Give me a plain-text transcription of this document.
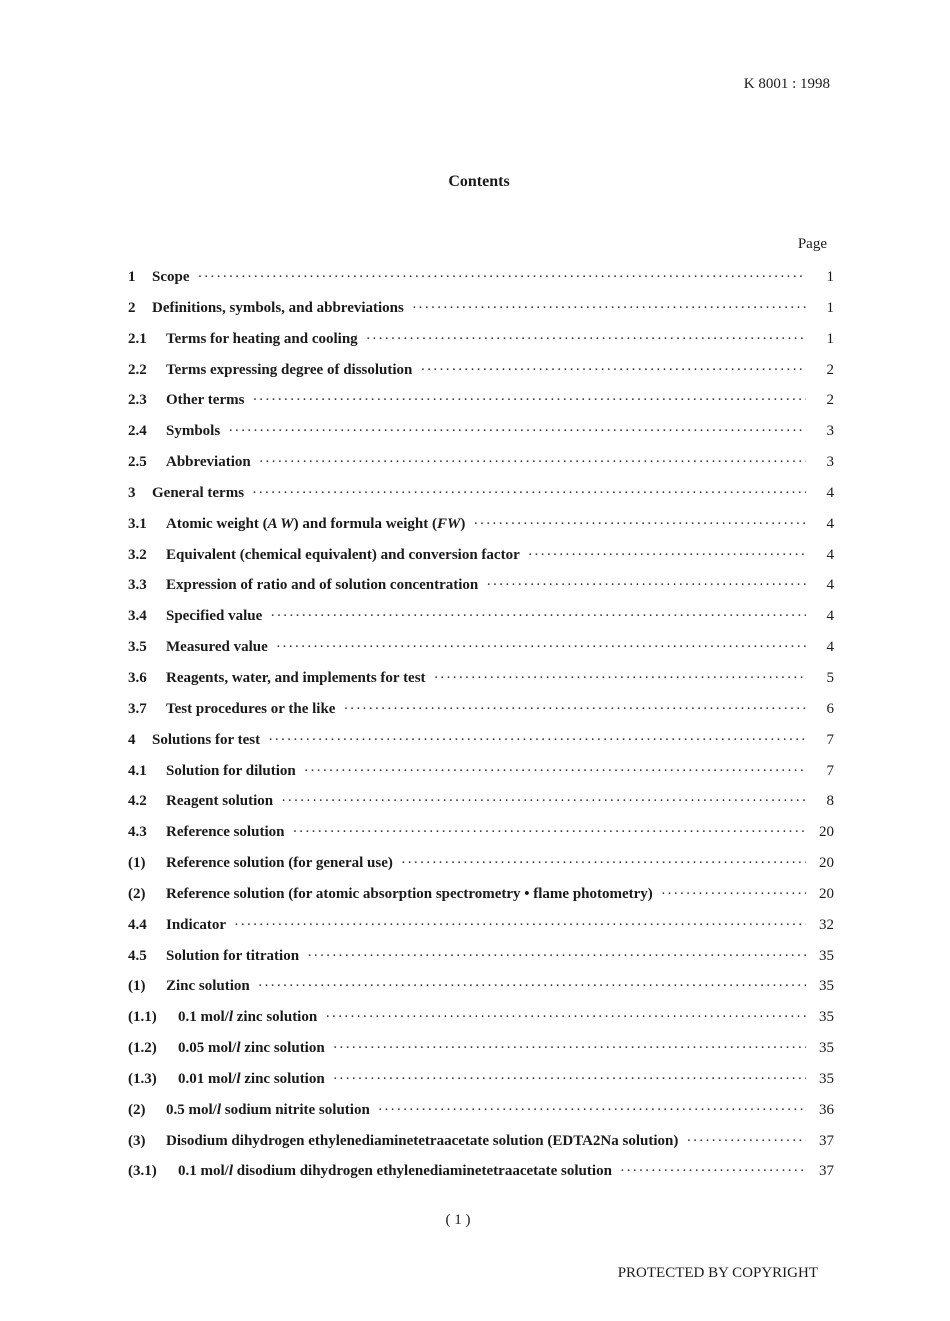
K 8001 : 1998
Contents
Page
1	Scope ·····	1
2	Definitions, symbols, and abbreviations ·····	1
2.1	Terms for heating and cooling ·····	1
2.2	Terms expressing degree of dissolution ·····	2
2.3	Other terms ·····	2
2.4	Symbols ·····	3
2.5	Abbreviation ·····	3
3	General terms ·····	4
3.1	Atomic weight (A W) and formula weight (FW) ·····	4
3.2	Equivalent (chemical equivalent) and conversion factor ·····	4
3.3	Expression of ratio and of solution concentration ·····	4
3.4	Specified value ·····	4
3.5	Measured value ·····	4
3.6	Reagents, water, and implements for test ·····	5
3.7	Test procedures or the like ·····	6
4	Solutions for test ·····	7
4.1	Solution for dilution ·····	7
4.2	Reagent solution ·····	8
4.3	Reference solution ·····	20
(1)	Reference solution (for general use) ·····	20
(2)	Reference solution (for atomic absorption spectrometry • flame photometry) ·····	20
4.4	Indicator ·····	32
4.5	Solution for titration ·····	35
(1)	Zinc solution ·····	35
(1.1)	0.1 mol/l zinc solution ·····	35
(1.2)	0.05 mol/l zinc solution ·····	35
(1.3)	0.01 mol/l zinc solution ·····	35
(2)	0.5 mol/l sodium nitrite solution ·····	36
(3)	Disodium dihydrogen ethylenediaminetetraacetate solution (EDTA2Na solution) ·····	37
(3.1)	0.1 mol/l disodium dihydrogen ethylenediaminetetraacetate solution ·····	37
( 1 )
PROTECTED BY COPYRIGHT
